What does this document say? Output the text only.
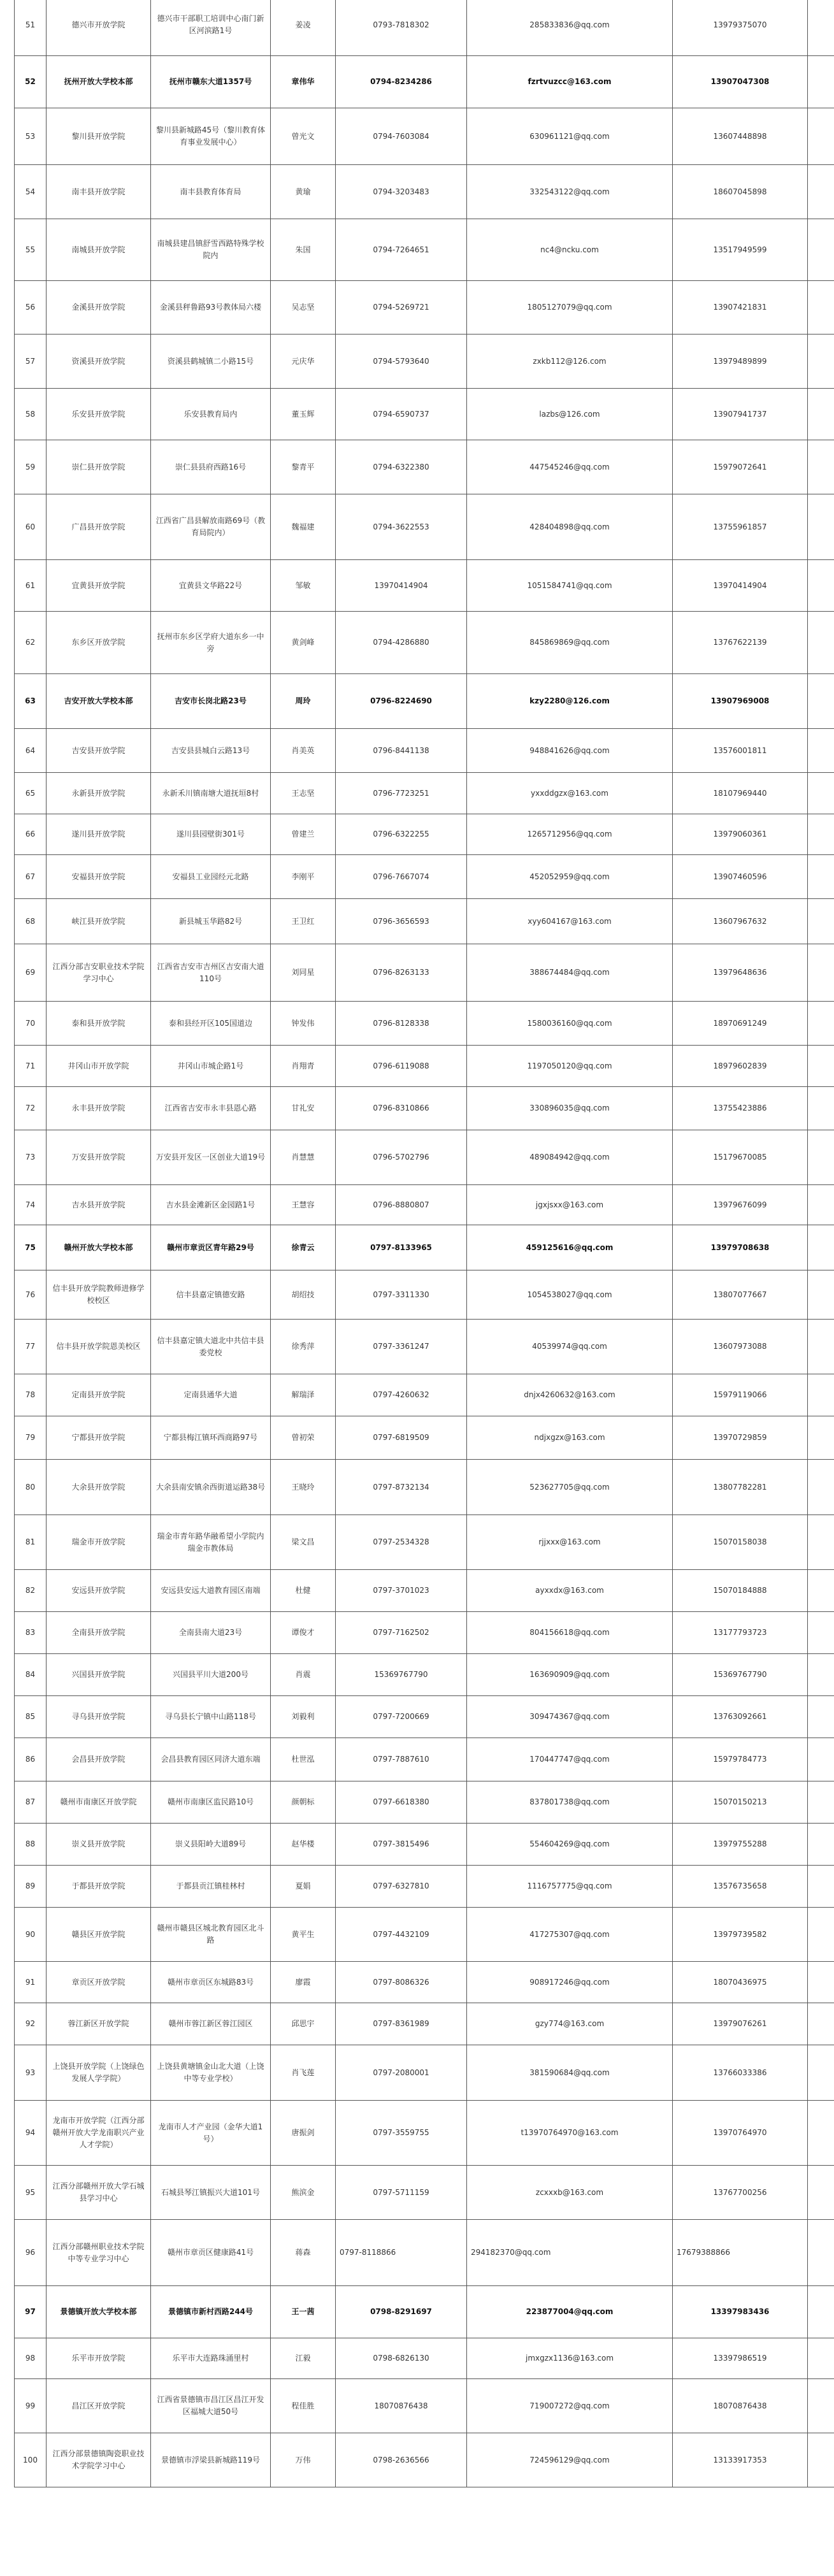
51	德兴市开放学院	德兴市干部职工培训中心南门新区河滨路1号	姜凌	0793-7818302	285833836@qq.com	13979375070	
52	抚州开放大学校本部	抚州市赣东大道1357号	章伟华	0794-8234286	fzrtvuzcc@163.com	13907047308	
53	黎川县开放学院	黎川县新城路45号（黎川教育体育事业发展中心）	曾光文	0794-7603084	630961121@qq.com	13607448898	
54	南丰县开放学院	南丰县教育体育局	黄瑜	0794-3203483	332543122@qq.com	18607045898	
55	南城县开放学院	南城县建昌镇舒雪西路特殊学校院内	朱国	0794-7264651	nc4@ncku.com	13517949599	
56	金溪县开放学院	金溪县秤鲁路93号教体局六楼	吴志坚	0794-5269721	1805127079@qq.com	13907421831	
57	资溪县开放学院	资溪县鹤城镇二小路15号	元庆华	0794-5793640	zxkb112@126.com	13979489899	
58	乐安县开放学院	乐安县教育局内	董玉辉	0794-6590737	lazbs@126.com	13907941737	
59	崇仁县开放学院	崇仁县县府西路16号	黎青平	0794-6322380	447545246@qq.com	15979072641	
60	广昌县开放学院	江西省广昌县解放南路69号（教育局院内）	魏福建	0794-3622553	428404898@qq.com	13755961857	
61	宜黄县开放学院	宜黄县文华路22号	邹敏	13970414904	1051584741@qq.com	13970414904	
62	东乡区开放学院	抚州市东乡区学府大道东乡一中旁	黄剑峰	0794-4286880	845869869@qq.com	13767622139	
63	吉安开放大学校本部	吉安市长岗北路23号	周玲	0796-8224690	kzy2280@126.com	13907969008	
64	吉安县开放学院	吉安县县城白云路13号	肖美英	0796-8441138	948841626@qq.com	13576001811	
65	永新县开放学院	永新禾川镇南塘大道抚垣8村	王志坚	0796-7723251	yxxddgzx@163.com	18107969440	
66	遂川县开放学院	遂川县园壁街301号	曾建兰	0796-6322255	1265712956@qq.com	13979060361	
67	安福县开放学院	安福县工业园经元北路	李刚平	0796-7667074	452052959@qq.com	13907460596	
68	峡江县开放学院	新县城玉华路82号	王卫红	0796-3656593	xyy604167@163.com	13607967632	
69	江西分部吉安职业技术学院学习中心	江西省吉安市吉州区吉安南大道110号	刘同星	0796-8263133	388674484@qq.com	13979648636	
70	泰和县开放学院	泰和县经开区105国道边	钟发伟	0796-8128338	1580036160@qq.com	18970691249	
71	井冈山市开放学院	井冈山市城企路1号	肖翔青	0796-6119088	1197050120@qq.com	18979602839	
72	永丰县开放学院	江西省吉安市永丰县恩心路	甘礼安	0796-8310866	330896035@qq.com	13755423886	
73	万安县开放学院	万安县开发区一区创业大道19号	肖慧慧	0796-5702796	489084942@qq.com	15179670085	
74	吉水县开放学院	吉水县金滩新区金园路1号	王慧容	0796-8880807	jgxjsxx@163.com	13979676099	
75	赣州开放大学校本部	赣州市章贡区青年路29号	徐青云	0797-8133965	459125616@qq.com	13979708638	
76	信丰县开放学院教师进修学校校区	信丰县嘉定镇德安路	胡绍技	0797-3311330	1054538027@qq.com	13807077667	
77	信丰县开放学院恩美校区	信丰县嘉定镇大道北中共信丰县委党校	徐秀萍	0797-3361247	40539974@qq.com	13607973088	
78	定南县开放学院	定南县通华大道	解瑞泽	0797-4260632	dnjx4260632@163.com	15979119066	
79	宁都县开放学院	宁都县梅江镇环西商路97号	曾初荣	0797-6819509	ndjxgzx@163.com	13970729859	
80	大余县开放学院	大余县南安镇余西街道运路38号	王晓玲	0797-8732134	523627705@qq.com	13807782281	
81	瑞金市开放学院	瑞金市青年路华融希望小学院内瑞金市教体局	梁文昌	0797-2534328	rjjxxx@163.com	15070158038	
82	安远县开放学院	安远县安远大道教育园区南端	杜健	0797-3701023	ayxxdx@163.com	15070184888	
83	全南县开放学院	全南县南大道23号	谭俊才	0797-7162502	804156618@qq.com	13177793723	
84	兴国县开放学院	兴国县平川大道200号	肖震	15369767790	163690909@qq.com	15369767790	
85	寻乌县开放学院	寻乌县长宁镇中山路118号	刘毅利	0797-7200669	309474367@qq.com	13763092661	
86	会昌县开放学院	会昌县教育园区同济大道东端	杜世泓	0797-7887610	170447747@qq.com	15979784773	
87	赣州市南康区开放学院	赣州市南康区监民路10号	颜朝标	0797-6618380	837801738@qq.com	15070150213	
88	崇义县开放学院	崇义县阳岭大道89号	赵华楼	0797-3815496	554604269@qq.com	13979755288	
89	于都县开放学院	于都县贡江镇桂林村	夏娟	0797-6327810	1116757775@qq.com	13576735658	
90	赣县区开放学院	赣州市赣县区城北教育园区北斗路	黄平生	0797-4432109	417275307@qq.com	13979739582	
91	章贡区开放学院	赣州市章贡区东城路83号	廖霞	0797-8086326	908917246@qq.com	18070436975	
92	蓉江新区开放学院	赣州市蓉江新区蓉江园区	邱思宇	0797-8361989	gzy774@163.com	13979076261	
93	上饶县开放学院（上饶绿色发展人学学院）	上饶县黄塘镇金山北大道（上饶中等专业学校）	肖飞莲	0797-2080001	381590684@qq.com	13766033386	
94	龙南市开放学院（江西分部赣州开放大学龙南职兴产业人才学院）	龙南市人才产业园（金华大道1号）	唐振剑	0797-3559755	t13970764970@163.com	13970764970	
95	江西分部赣州开放大学石城县学习中心	石城县琴江镇振兴大道101号	熊滨金	0797-5711159	zcxxxb@163.com	13767700256	
96	江西分部赣州职业技术学院中等专业学习中心	赣州市章贡区健康路41号	蒋森	0797-8118866	294182370@qq.com	17679388866	
97	景德镇开放大学校本部	景德镇市新村西路244号	王一茜	0798-8291697	223877004@qq.com	13397983436	
98	乐平市开放学院	乐平市大连路珠涌里村	江毅	0798-6826130	jmxgzx1136@163.com	13397986519	
99	昌江区开放学院	江西省景德镇市昌江区昌江开发区福城大道50号	程佳胜	18070876438	719007272@qq.com	18070876438	
100	江西分部景德镇陶瓷职业技术学院学习中心	景德镇市浮梁县新城路119号	万伟	0798-2636566	724596129@qq.com	13133917353	
